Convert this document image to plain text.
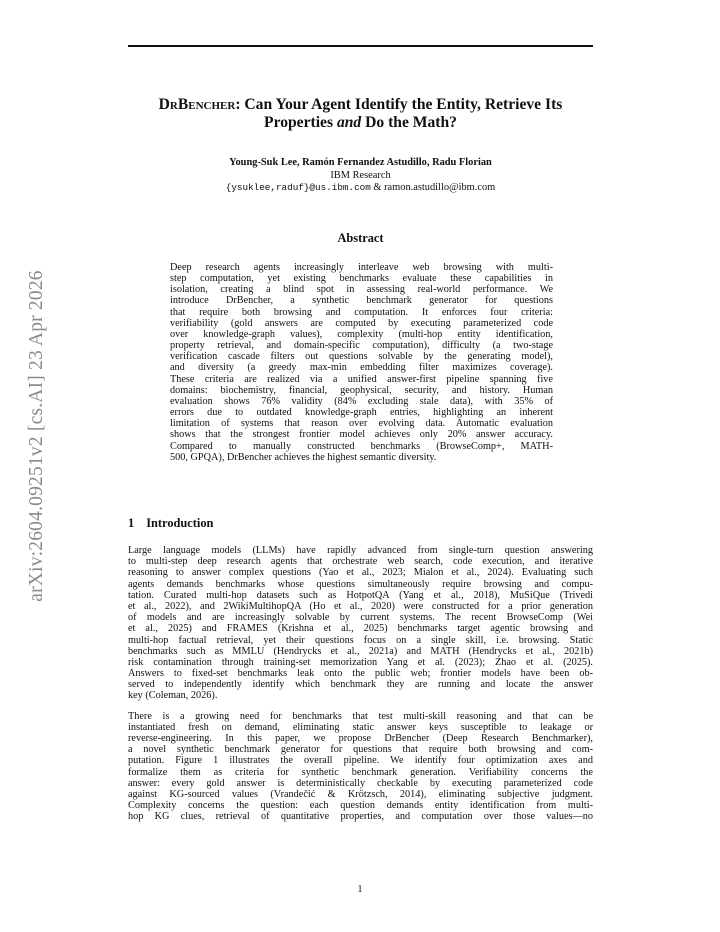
arXiv:2604.09251v2 [cs.AI] 23 Apr 2026
DrBencher: Can Your Agent Identify the Entity, Retrieve Its
Properties and Do the Math?
Young-Suk Lee, Ramón Fernandez Astudillo, Radu Florian
IBM Research
{ysuklee,raduf}@us.ibm.com & ramon.astudillo@ibm.com
Abstract
Deep research agents increasingly interleave web browsing with multi-
step computation, yet existing benchmarks evaluate these capabilities in
isolation, creating a blind spot in assessing real-world performance. We
introduce DrBencher, a synthetic benchmark generator for questions
that require both browsing and computation. It enforces four criteria:
verifiability (gold answers are computed by executing parameterized code
over knowledge-graph values), complexity (multi-hop entity identification,
property retrieval, and domain-specific computation), difficulty (a two-stage
verification cascade filters out questions solvable by the generating model),
and diversity (a greedy max-min embedding filter maximizes coverage).
These criteria are realized via a unified answer-first pipeline spanning five
domains: biochemistry, financial, geophysical, security, and history. Human
evaluation shows 76% validity (84% excluding stale data), with 35% of
errors due to outdated knowledge-graph entries, highlighting an inherent
limitation of systems that reason over evolving data. Automatic evaluation
shows that the strongest frontier model achieves only 20% answer accuracy.
Compared to manually constructed benchmarks (BrowseComp+, MATH-
500, GPQA), DrBencher achieves the highest semantic diversity.
1 Introduction
Large language models (LLMs) have rapidly advanced from single-turn question answering
to multi-step deep research agents that orchestrate web search, code execution, and iterative
reasoning to answer complex questions (Yao et al., 2023; Mialon et al., 2024). Evaluating such
agents demands benchmarks whose questions simultaneously require browsing and compu-
tation. Curated multi-hop datasets such as HotpotQA (Yang et al., 2018), MuSiQue (Trivedi
et al., 2022), and 2WikiMultihopQA (Ho et al., 2020) were constructed for a prior generation
of models and are increasingly solvable by current systems. The recent BrowseComp (Wei
et al., 2025) and FRAMES (Krishna et al., 2025) benchmarks target agentic browsing and
multi-hop factual retrieval, yet their questions focus on a single skill, i.e. browsing. Static
benchmarks such as MMLU (Hendrycks et al., 2021a) and MATH (Hendrycks et al., 2021b)
risk contamination through training-set memorization Yang et al. (2023); Zhao et al. (2025).
Answers to fixed-set benchmarks leak onto the public web; frontier models have been ob-
served to independently identify which benchmark they are running and locate the answer
key (Coleman, 2026).
There is a growing need for benchmarks that test multi-skill reasoning and that can be
instantiated fresh on demand, eliminating static answer keys susceptible to leakage or
reverse-engineering. In this paper, we propose DrBencher (Deep Research Benchmarker),
a novel synthetic benchmark generator for questions that require both browsing and com-
putation. Figure 1 illustrates the overall pipeline. We identify four optimization axes and
formalize them as criteria for synthetic benchmark generation. Verifiability concerns the
answer: every gold answer is deterministically checkable by executing parameterized code
against KG-sourced values (Vrandečić & Krötzsch, 2014), eliminating subjective judgment.
Complexity concerns the question: each question demands entity identification from multi-
hop KG clues, retrieval of quantitative properties, and computation over those values—no
1
